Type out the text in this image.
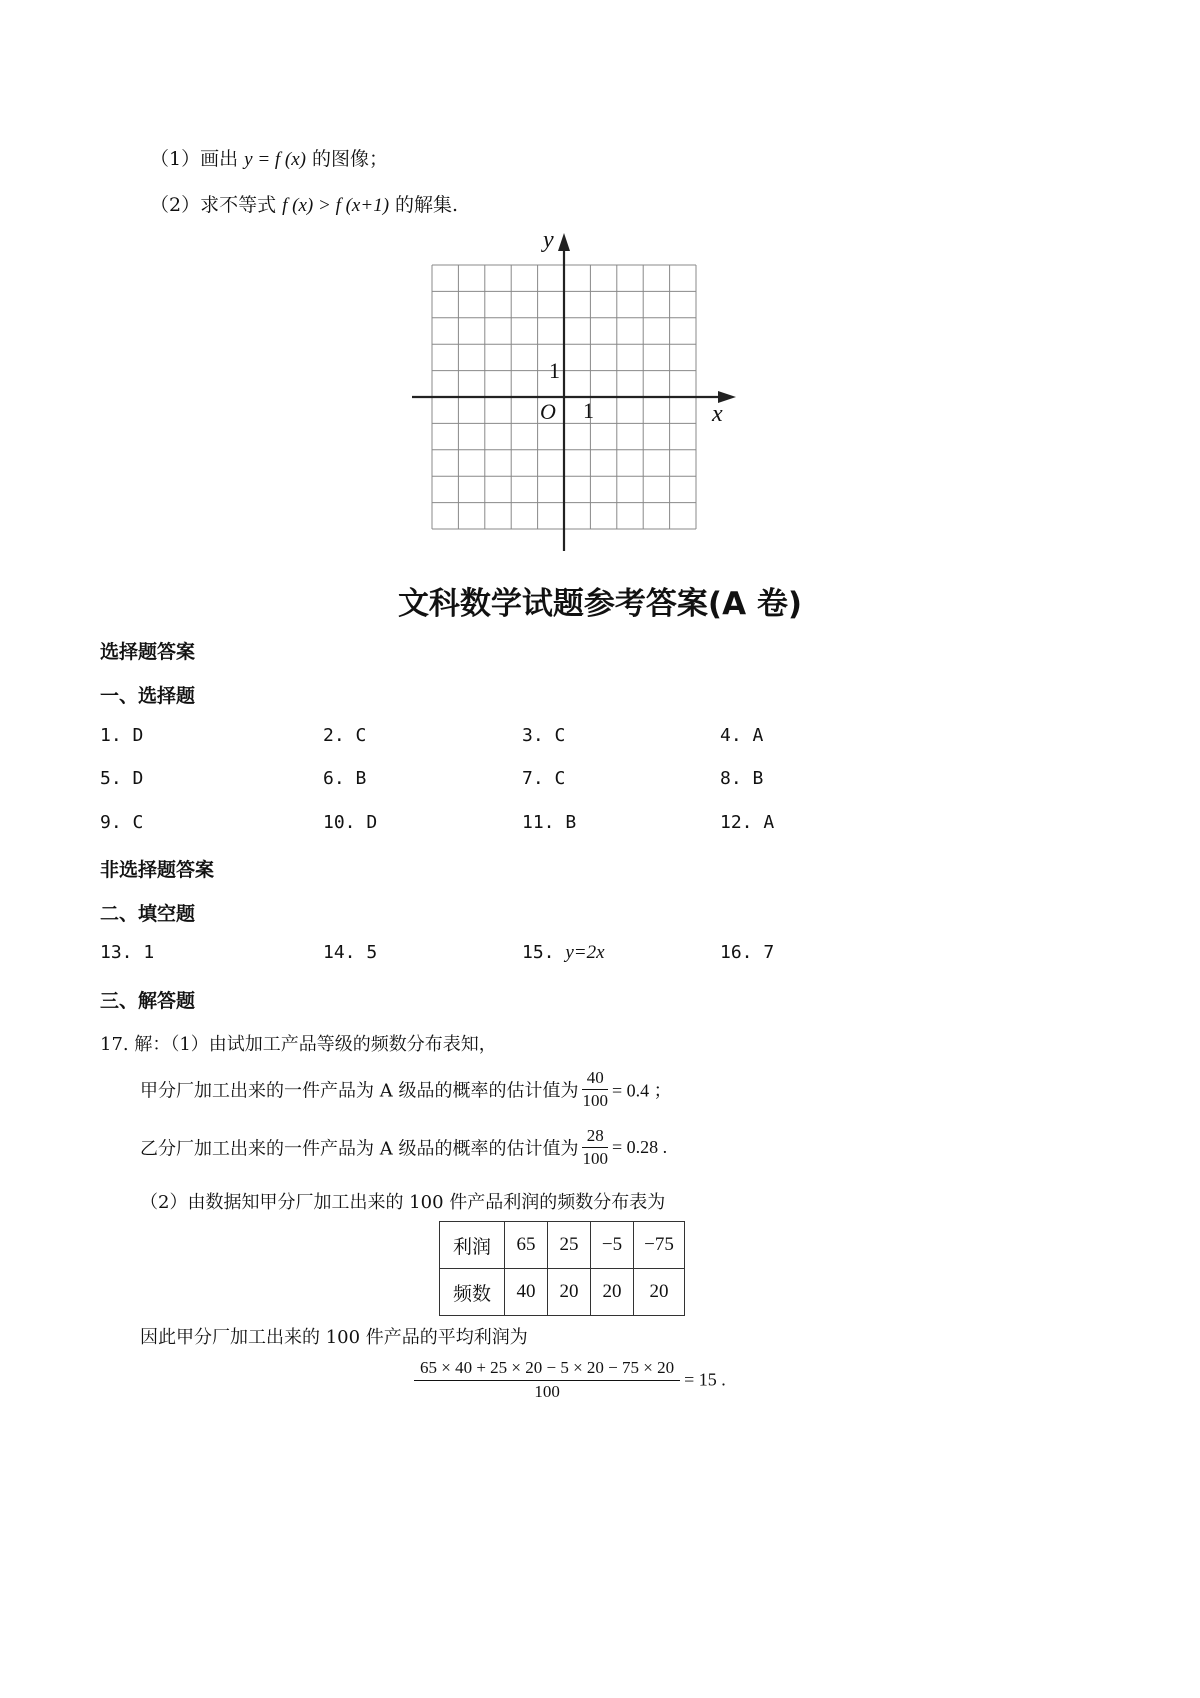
（1）画出 y = f (x) 的图像；
（2）求不等式 f (x) > f (x+1) 的解集.
y
x
O 1
1
文科数学试题参考答案(A 卷)
选择题答案
一、选择题
1. D	2. C	3. C	4. A
5. D	6. B	7. C	8. B
9. C	10. D	11. B	12. A
非选择题答案
二、填空题
13. 1	14. 5	15. y=2x	16. 7
三、解答题
17. 解：（1）由试加工产品等级的频数分布表知，
甲分厂加工出来的一件产品为 A 级品的概率的估计值为 $\frac{40}{100} = 0.4$ ；
乙分厂加工出来的一件产品为 A 级品的概率的估计值为 $\frac{28}{100} = 0.28$ .
（2）由数据知甲分厂加工出来的 100 件产品利润的频数分布表为
利润	65	25	−5	−75
频数	40	20	20	20
因此甲分厂加工出来的 100 件产品的平均利润为
$\frac{65 \times 40 + 25 \times 20 - 5 \times 20 - 75 \times 20}{100} = 15$ .
